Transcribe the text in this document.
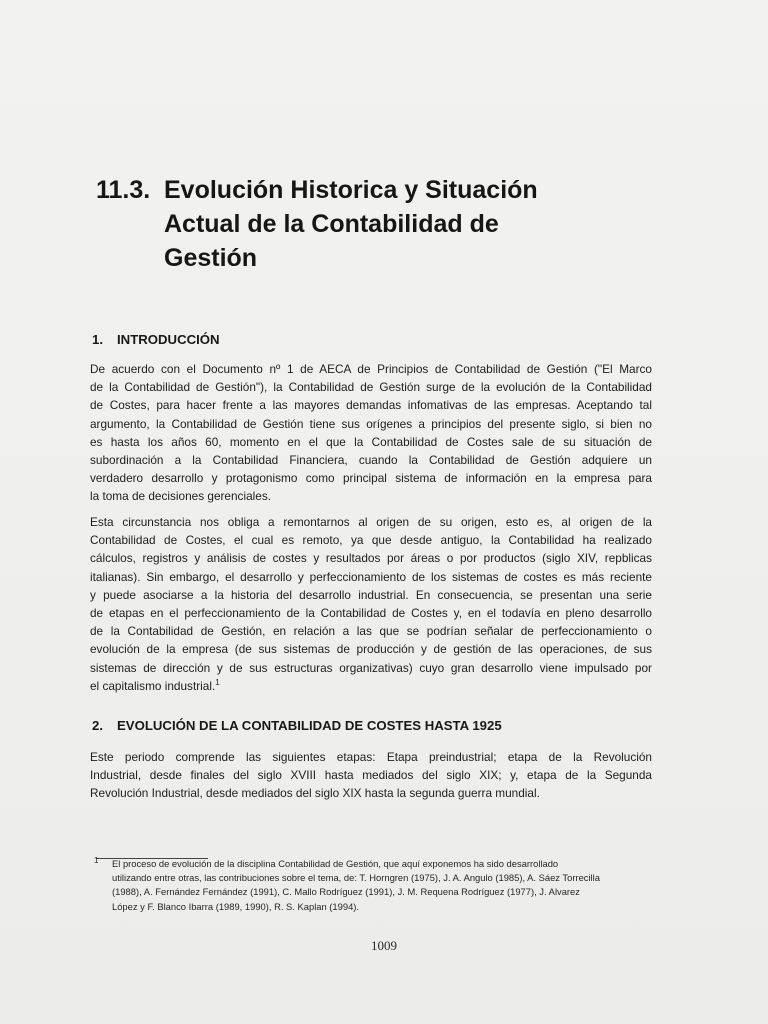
11.3. Evolución Historica y Situación
Actual de la Contabilidad de
Gestión
1.	INTRODUCCIÓN
De acuerdo con el Documento nº 1 de AECA de Principios de Contabilidad de Gestión ("El Marco
de la Contabilidad de Gestión"), la Contabilidad de Gestión surge de la evolución de la Contabilidad
de Costes, para hacer frente a las mayores demandas infomativas de las empresas. Aceptando tal
argumento, la Contabilidad de Gestión tiene sus orígenes a principios del presente siglo, si bien no
es hasta los años 60, momento en el que la Contabilidad de Costes sale de su situación de
subordinación a la Contabilidad Financiera, cuando la Contabilidad de Gestión adquiere un
verdadero desarrollo y protagonismo como principal sistema de información en la empresa para
la toma de decisiones gerenciales.
Esta circunstancia nos obliga a remontarnos al origen de su origen, esto es, al origen de la
Contabilidad de Costes, el cual es remoto, ya que desde antiguo, la Contabilidad ha realizado
cálculos, registros y análisis de costes y resultados por áreas o por productos (siglo XIV, repblicas
italianas). Sin embargo, el desarrollo y perfeccionamiento de los sistemas de costes es más reciente
y puede asociarse a la historia del desarrollo industrial. En consecuencia, se presentan una serie
de etapas en el perfeccionamiento de la Contabilidad de Costes y, en el todavía en pleno desarrollo
de la Contabilidad de Gestión, en relación a las que se podrían señalar de perfeccionamiento o
evolución de la empresa (de sus sistemas de producción y de gestión de las operaciones, de sus
sistemas de dirección y de sus estructuras organizativas) cuyo gran desarrollo viene impulsado por
el capitalismo industrial.$^1$
2.	EVOLUCIÓN DE LA CONTABILIDAD DE COSTES HASTA 1925
Este periodo comprende las siguientes etapas: Etapa preindustrial; etapa de la Revolución
Industrial, desde finales del siglo XVIII hasta mediados del siglo XIX; y, etapa de la Segunda
Revolución Industrial, desde mediados del siglo XIX hasta la segunda guerra mundial.
1	El proceso de evolución de la disciplina Contabilidad de Gestión, que aquí exponemos ha sido desarrollado
utilizando entre otras, las contribuciones sobre el tema, de: T. Horngren (1975), J. A. Angulo (1985), A. Sáez Torrecilla
(1988), A. Fernández Fernández (1991), C. Mallo Rodríguez (1991), J. M. Requena Rodríguez (1977), J. Alvarez
López y F. Blanco Ibarra (1989, 1990), R. S. Kaplan (1994).
1009
